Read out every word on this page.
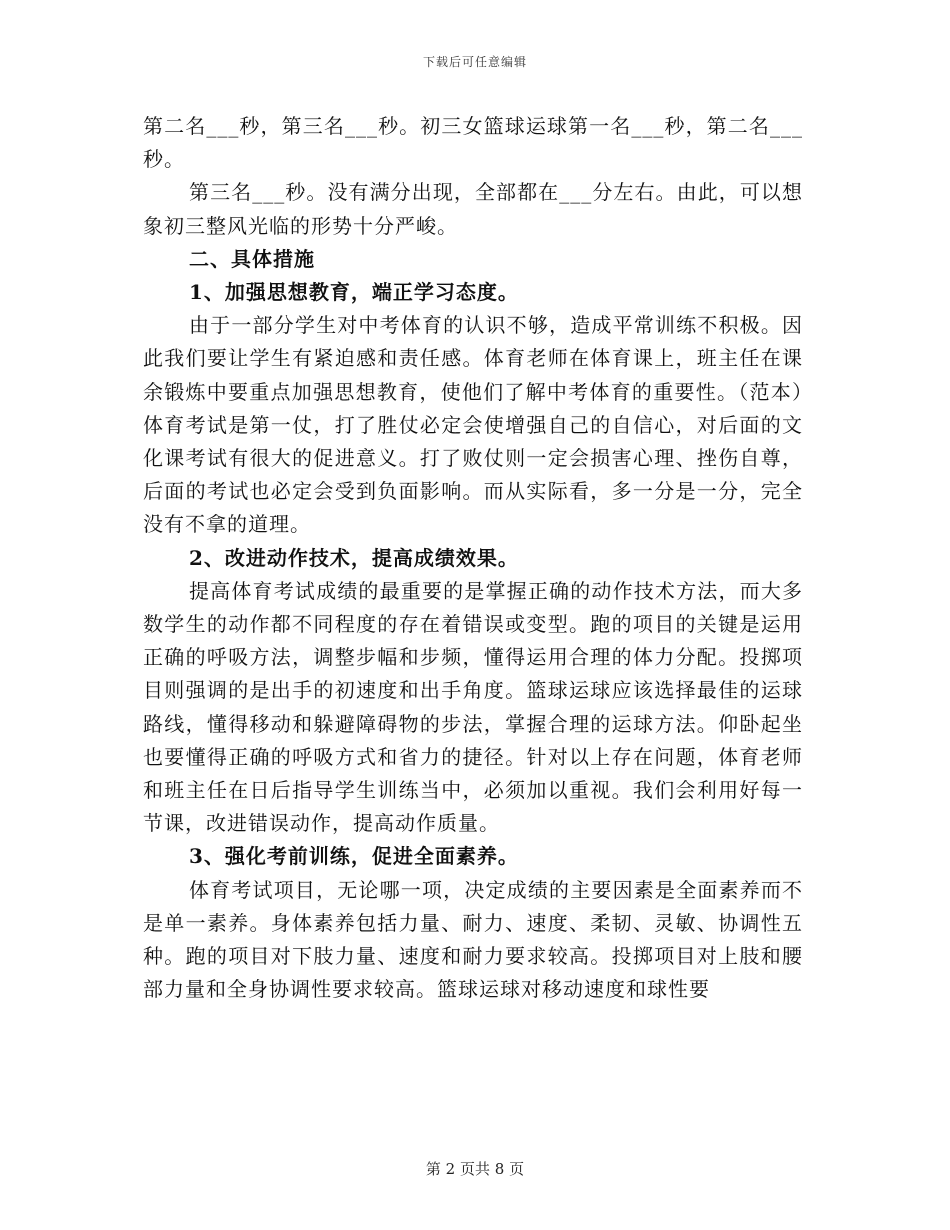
下载后可任意编辑

第二名___秒，第三名___秒。初三女篮球运球第一名___秒，第二名___秒。

第三名___秒。没有满分出现，全部都在___分左右。由此，可以想象初三整风光临的形势十分严峻。

二、具体措施

1、加强思想教育，端正学习态度。

由于一部分学生对中考体育的认识不够，造成平常训练不积极。因此我们要让学生有紧迫感和责任感。体育老师在体育课上，班主任在课余锻炼中要重点加强思想教育，使他们了解中考体育的重要性。（范本）体育考试是第一仗，打了胜仗必定会使增强自己的自信心，对后面的文化课考试有很大的促进意义。打了败仗则一定会损害心理、挫伤自尊，后面的考试也必定会受到负面影响。而从实际看，多一分是一分，完全没有不拿的道理。

2、改进动作技术，提高成绩效果。

提高体育考试成绩的最重要的是掌握正确的动作技术方法，而大多数学生的动作都不同程度的存在着错误或变型。跑的项目的关键是运用正确的呼吸方法，调整步幅和步频，懂得运用合理的体力分配。投掷项目则强调的是出手的初速度和出手角度。篮球运球应该选择最佳的运球路线，懂得移动和躲避障碍物的步法，掌握合理的运球方法。仰卧起坐也要懂得正确的呼吸方式和省力的捷径。针对以上存在问题，体育老师和班主任在日后指导学生训练当中，必须加以重视。我们会利用好每一节课，改进错误动作，提高动作质量。

3、强化考前训练，促进全面素养。

体育考试项目，无论哪一项，决定成绩的主要因素是全面素养而不是单一素养。身体素养包括力量、耐力、速度、柔韧、灵敏、协调性五种。跑的项目对下肢力量、速度和耐力要求较高。投掷项目对上肢和腰部力量和全身协调性要求较高。篮球运球对移动速度和球性要

第 2 页共 8 页
